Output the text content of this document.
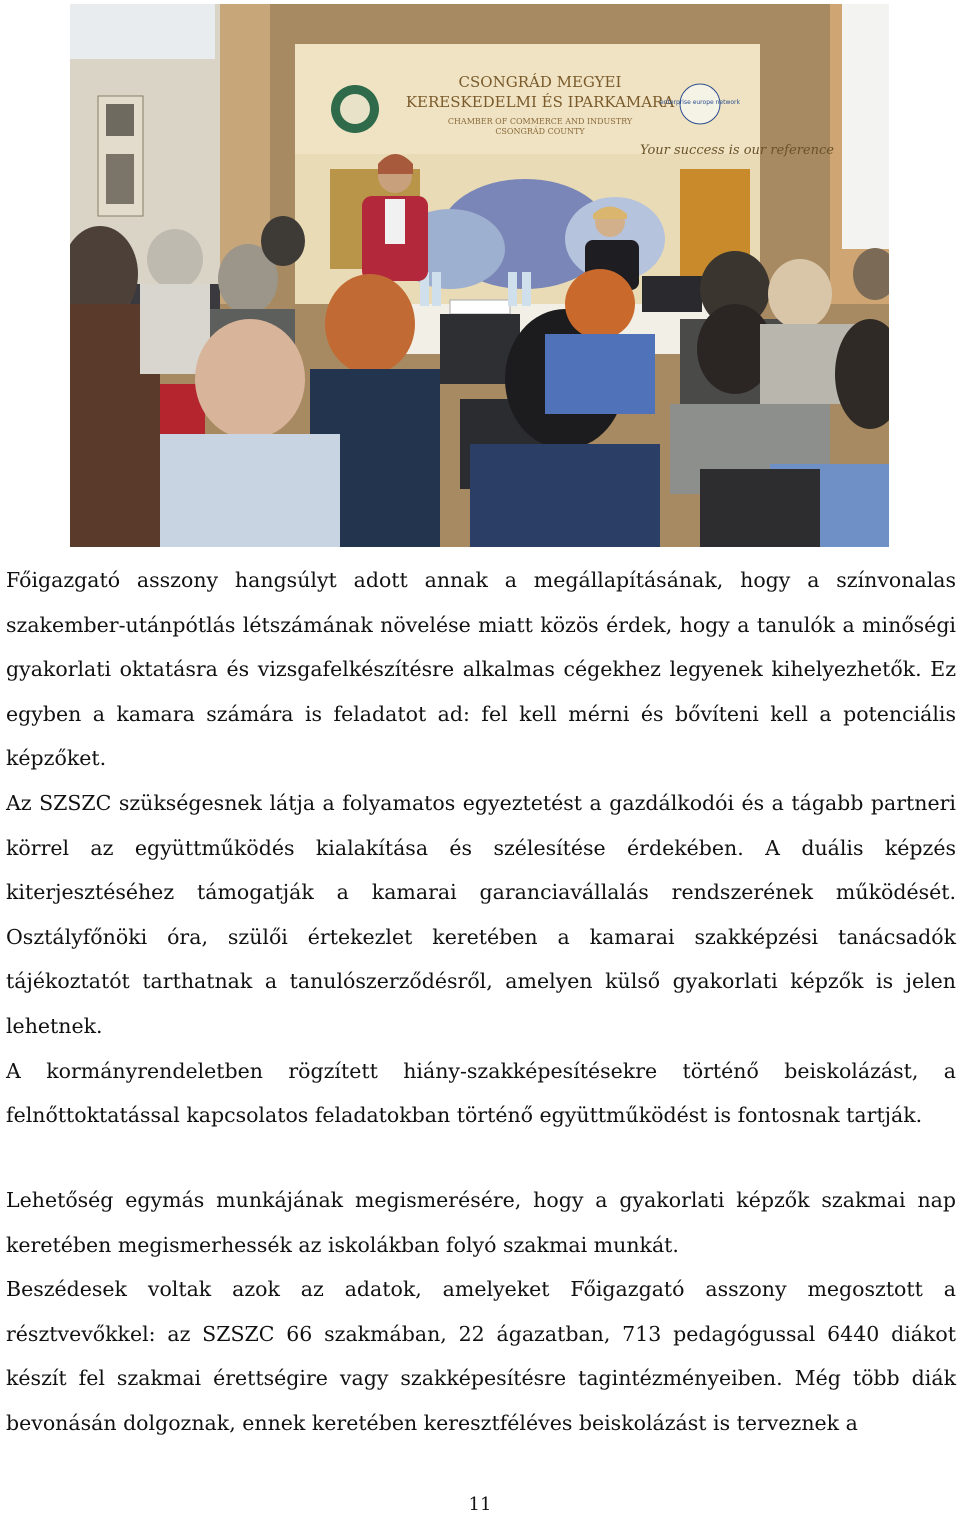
CSONGRÁD MEGYEI
KERESKEDELMI ÉS IPARKAMARA
CHAMBER OF COMMERCE AND INDUSTRY
CSONGRÁD COUNTY
enterprise europe network
Your success is our reference

Főigazgató asszony hangsúlyt adott annak a megállapításának, hogy a színvonalas szakember-utánpótlás létszámának növelése miatt közös érdek, hogy a tanulók a minőségi gyakorlati oktatásra és vizsgafelkészítésre alkalmas cégekhez legyenek kihelyezhetők. Ez egyben a kamara számára is feladatot ad: fel kell mérni és bővíteni kell a potenciális képzőket.

Az SZSZC szükségesnek látja a folyamatos egyeztetést a gazdálkodói és a tágabb partneri körrel az együttműködés kialakítása és szélesítése érdekében. A duális képzés kiterjesztéséhez támogatják a kamarai garanciavállalás rendszerének működését. Osztályfőnöki óra, szülői értekezlet keretében a kamarai szakképzési tanácsadók tájékoztatót tarthatnak a tanulószerződésről, amelyen külső gyakorlati képzők is jelen lehetnek.

A kormányrendeletben rögzített hiány-szakképesítésekre történő beiskolázást, a felnőttoktatással kapcsolatos feladatokban történő együttműködést is fontosnak tartják.

Lehetőség egymás munkájának megismerésére, hogy a gyakorlati képzők szakmai nap keretében megismerhessék az iskolákban folyó szakmai munkát.

Beszédesek voltak azok az adatok, amelyeket Főigazgató asszony megosztott a résztvevőkkel: az SZSZC 66 szakmában, 22 ágazatban, 713 pedagógussal 6440 diákot készít fel szakmai érettségire vagy szakképesítésre tagintézményeiben. Még több diák bevonásán dolgoznak, ennek keretében keresztféléves beiskolázást is terveznek a

11
